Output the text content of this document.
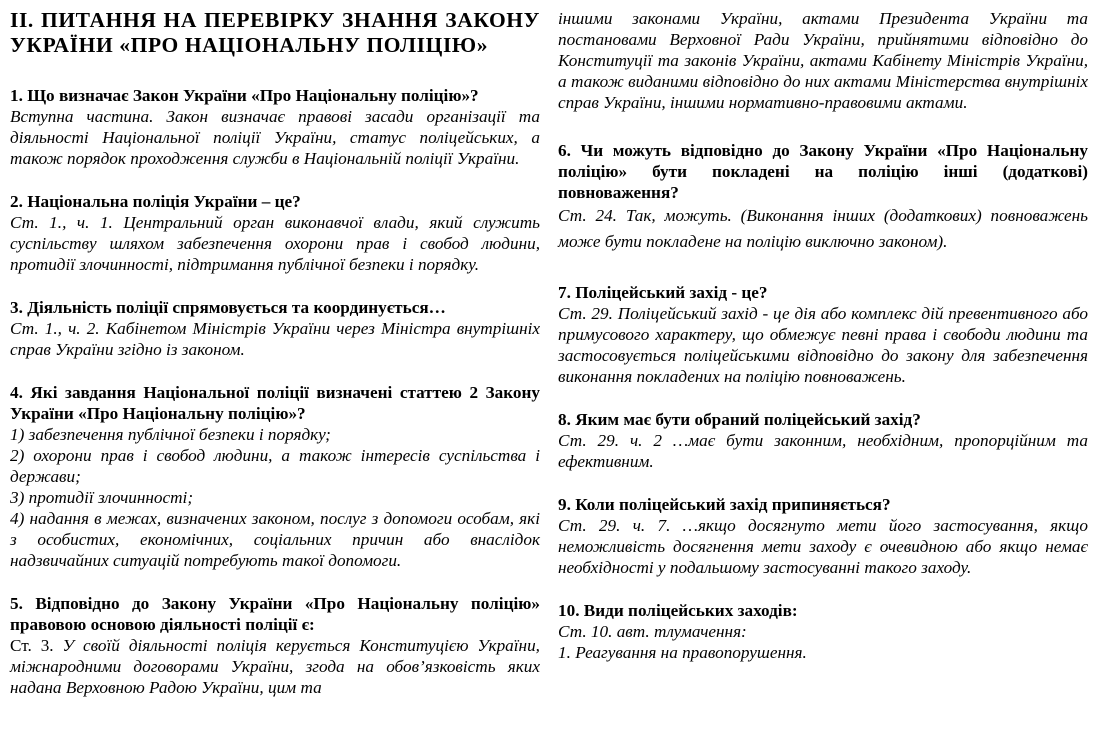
ІІ. ПИТАННЯ НА ПЕРЕВІРКУ ЗНАННЯ ЗАКОНУ УКРАЇНИ «ПРО НАЦІОНАЛЬНУ ПОЛІЦІЮ»

1. Що визначає Закон України «Про Національну поліцію»?

Вступна частина. Закон визначає правові засади організації та діяльності Національної поліції України, статус поліцейських, а також порядок проходження служби в Національній поліції України.

2. Національна поліція України – це?

Ст. 1., ч. 1. Центральний орган виконавчої влади, який служить суспільству шляхом забезпечення охорони прав і свобод людини, протидії злочинності, підтримання публічної безпеки і порядку.

3. Діяльність поліції спрямовується та координується…

Ст. 1., ч. 2. Кабінетом Міністрів України через Міністра внутрішніх справ України згідно із законом.

4. Які завдання Національної поліції визначені статтею 2 Закону України «Про Національну поліцію»?

1) забезпечення публічної безпеки і порядку;

2) охорони прав і свобод людини, а також інтересів суспільства і держави;

3) протидії злочинності;

4) надання в межах, визначених законом, послуг з допомоги особам, які з особистих, економічних, соціальних причин або внаслідок надзвичайних ситуацій потребують такої допомоги.

5. Відповідно до Закону України «Про Національну поліцію» правовою основою діяльності поліції є:

Ст. 3. У своїй діяльності поліція керується Конституцією України, міжнародними договорами України, згода на обов’язковість яких надана Верховною Радою України, цим та

іншими законами України, актами Президента України та постановами Верховної Ради України, прийнятими відповідно до Конституції та законів України, актами Кабінету Міністрів України, а також виданими відповідно до них актами Міністерства внутрішніх справ України, іншими нормативно-правовими актами.

6. Чи можуть відповідно до Закону України «Про Національну поліцію» бути покладені на поліцію інші (додаткові) повноваження?

Ст. 24. Так, можуть. (Виконання інших (додаткових) повноважень може бути покладене на поліцію виключно законом).

7. Поліцейський захід - це?

Ст. 29. Поліцейський захід - це дія або комплекс дій превентивного або примусового характеру, що обмежує певні права і свободи людини та застосовується поліцейськими відповідно до закону для забезпечення виконання покладених на поліцію повноважень.

8. Яким має бути обраний поліцейський захід?

Ст. 29. ч. 2 …має бути законним, необхідним, пропорційним та ефективним.

9. Коли поліцейський захід припиняється?

Ст. 29. ч. 7. …якщо досягнуто мети його застосування, якщо неможливість досягнення мети заходу є очевидною або якщо немає необхідності у подальшому застосуванні такого заходу.

10. Види поліцейських заходів:

Ст. 10. авт. тлумачення:

1. Реагування на правопорушення.
